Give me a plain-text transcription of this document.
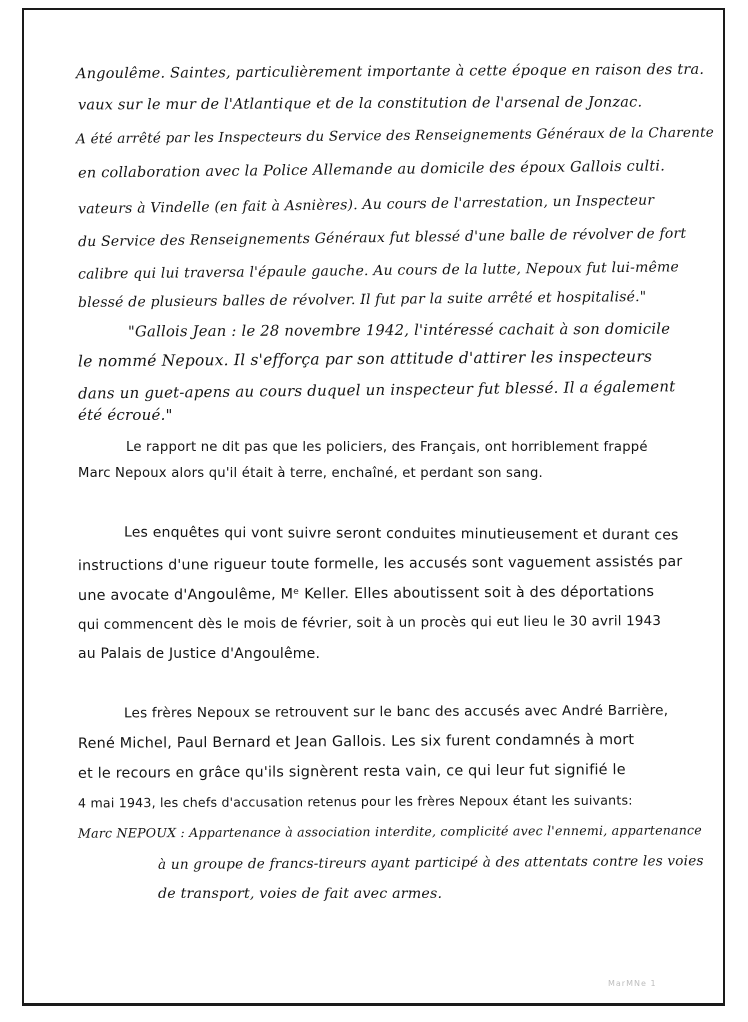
Angoulême. Saintes, particulièrement importante à cette époque en raison des tra.
vaux sur le mur de l'Atlantique et de la constitution de l'arsenal de Jonzac.
A été arrêté par les Inspecteurs du Service des Renseignements Généraux de la Charente
en collaboration avec la Police Allemande au domicile des époux Gallois culti.
vateurs à Vindelle (en fait à Asnières). Au cours de l'arrestation, un Inspecteur
du Service des Renseignements Généraux fut blessé d'une balle de révolver de fort
calibre qui lui traversa l'épaule gauche. Au cours de la lutte, Nepoux fut lui-même
blessé de plusieurs balles de révolver. Il fut par la suite arrêté et hospitalisé."
"Gallois Jean : le 28 novembre 1942, l'intéressé cachait à son domicile
le nommé Nepoux. Il s'efforça par son attitude d'attirer les inspecteurs
dans un guet-apens au cours duquel un inspecteur fut blessé. Il a également
été écroué."
Le rapport ne dit pas que les policiers, des Français, ont horriblement frappé
Marc Nepoux alors qu'il était à terre, enchaîné, et perdant son sang.
Les enquêtes qui vont suivre seront conduites minutieusement et durant ces
instructions d'une rigueur toute formelle, les accusés sont vaguement assistés par
une avocate d'Angoulême, Mᵉ Keller. Elles aboutissent soit à des déportations
qui commencent dès le mois de février, soit à un procès qui eut lieu le 30 avril 1943
au Palais de Justice d'Angoulême.
Les frères Nepoux se retrouvent sur le banc des accusés avec André Barrière,
René Michel, Paul Bernard et Jean Gallois. Les six furent condamnés à mort
et le recours en grâce qu'ils signèrent resta vain, ce qui leur fut signifié le
4 mai 1943, les chefs d'accusation retenus pour les frères Nepoux étant les suivants:
Marc NEPOUX : Appartenance à association interdite, complicité avec l'ennemi, appartenance
à un groupe de francs-tireurs ayant participé à des attentats contre les voies
de transport, voies de fait avec armes.
MarMNe 1
